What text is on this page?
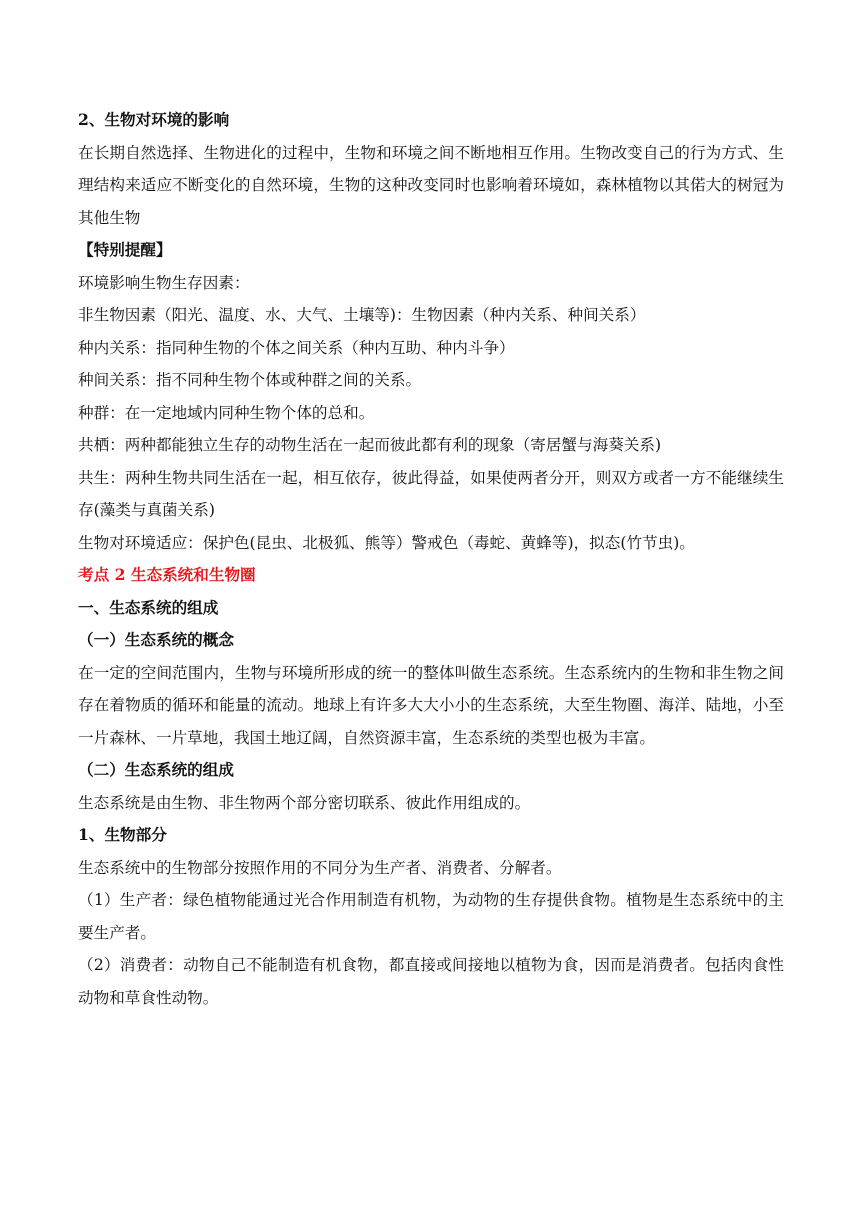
2、生物对环境的影响

在长期自然选择、生物进化的过程中，生物和环境之间不断地相互作用。生物改变自己的行为方式、生理结构来适应不断变化的自然环境，生物的这种改变同时也影响着环境如，森林植物以其偌大的树冠为其他生物

【特别提醒】

环境影响生物生存因素：

非生物因素（阳光、温度、水、大气、土壤等)：生物因素（种内关系、种间关系）

种内关系：指同种生物的个体之间关系（种内互助、种内斗争）

种间关系：指不同种生物个体或种群之间的关系。

种群：在一定地域内同种生物个体的总和。

共栖：两种都能独立生存的动物生活在一起而彼此都有利的现象（寄居蟹与海葵关系)

共生：两种生物共同生活在一起，相互依存，彼此得益，如果使两者分开，则双方或者一方不能继续生存(藻类与真菌关系)

生物对环境适应：保护色(昆虫、北极狐、熊等）警戒色（毒蛇、黄蜂等)，拟态(竹节虫)。

考点 2 生态系统和生物圈

一、生态系统的组成

（一）生态系统的概念

在一定的空间范围内，生物与环境所形成的统一的整体叫做生态系统。生态系统内的生物和非生物之间存在着物质的循环和能量的流动。地球上有许多大大小小的生态系统，大至生物圈、海洋、陆地，小至一片森林、一片草地，我国土地辽阔，自然资源丰富，生态系统的类型也极为丰富。

（二）生态系统的组成

生态系统是由生物、非生物两个部分密切联系、彼此作用组成的。

1、生物部分

生态系统中的生物部分按照作用的不同分为生产者、消费者、分解者。

（1）生产者：绿色植物能通过光合作用制造有机物，为动物的生存提供食物。植物是生态系统中的主要生产者。

（2）消费者：动物自己不能制造有机食物，都直接或间接地以植物为食，因而是消费者。包括肉食性动物和草食性动物。
